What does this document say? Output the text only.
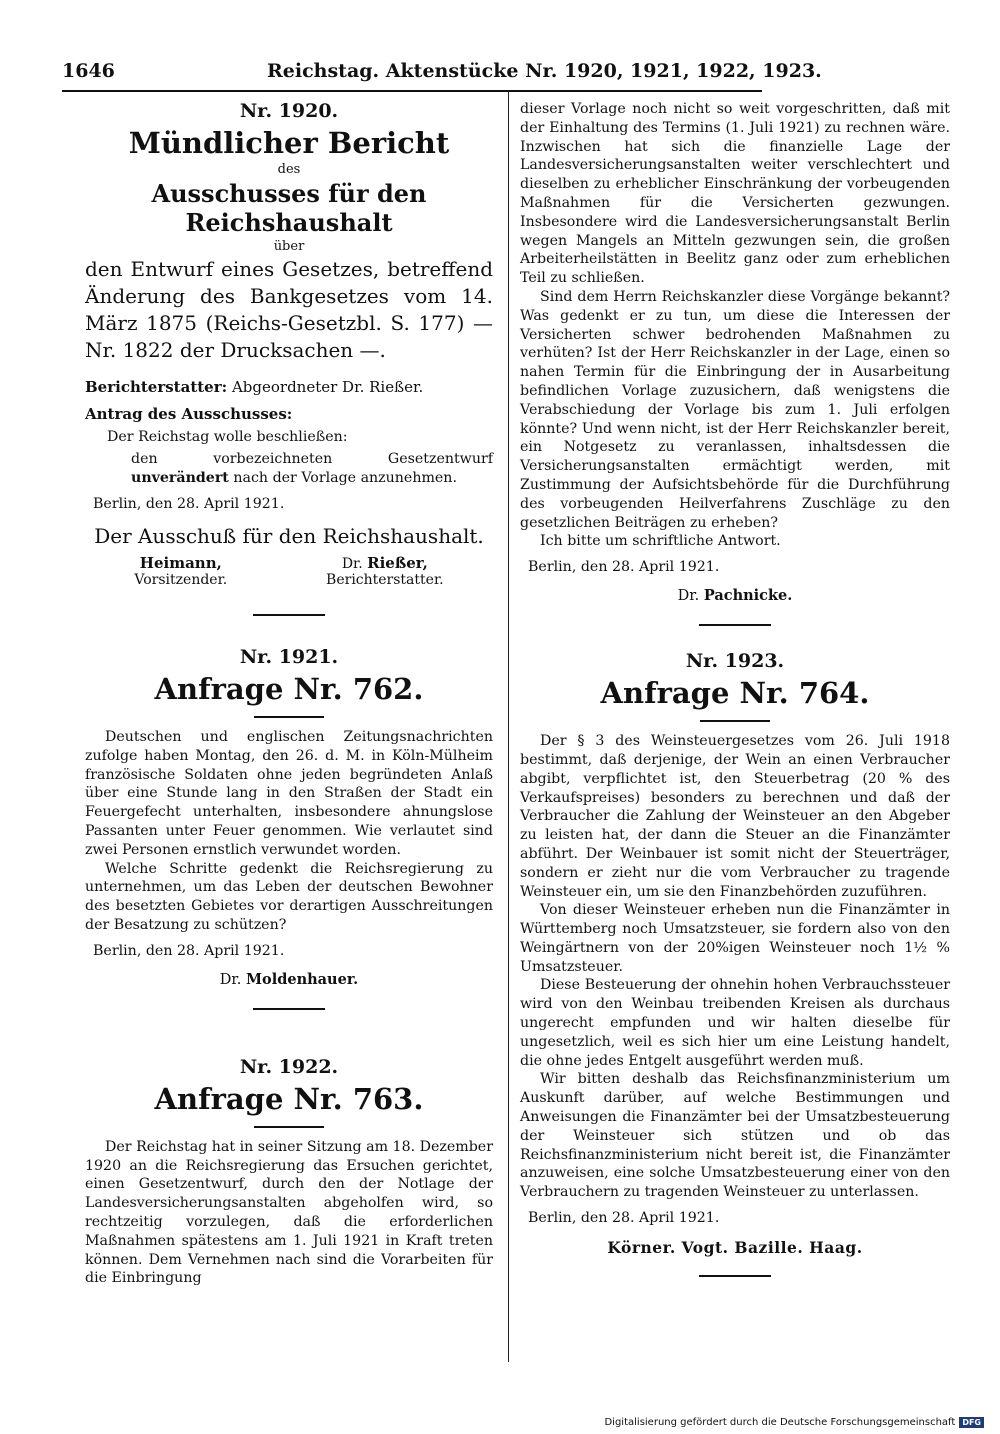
1646	Reichstag. Aktenstücke Nr. 1920, 1921, 1922, 1923.

Nr. 1920.

Mündlicher Bericht

des

Ausschusses für den Reichshaushalt

über

den Entwurf eines Gesetzes, betreffend Änderung des Bankgesetzes vom 14. März 1875 (Reichs-Gesetzbl. S. 177) — Nr. 1822 der Drucksachen —.

Berichterstatter: Abgeordneter Dr. Rießer.

Antrag des Ausschusses:

Der Reichstag wolle beschließen:

den vorbezeichneten Gesetzentwurf unverändert nach der Vorlage anzunehmen.

Berlin, den 28. April 1921.

Der Ausschuß für den Reichshaushalt.

Heimann,
Vorsitzender.
Dr. Rießer,
Berichterstatter.

Nr. 1921.

Anfrage Nr. 762.

Deutschen und englischen Zeitungsnachrichten zufolge haben Montag, den 26. d. M. in Köln-Mülheim französische Soldaten ohne jeden begründeten Anlaß über eine Stunde lang in den Straßen der Stadt ein Feuergefecht unterhalten, insbesondere ahnungslose Passanten unter Feuer genommen. Wie verlautet sind zwei Personen ernstlich verwundet worden.

Welche Schritte gedenkt die Reichsregierung zu unternehmen, um das Leben der deutschen Bewohner des besetzten Gebietes vor derartigen Ausschreitungen der Besatzung zu schützen?

Berlin, den 28. April 1921.

Dr. Moldenhauer.

Nr. 1922.

Anfrage Nr. 763.

Der Reichstag hat in seiner Sitzung am 18. Dezember 1920 an die Reichsregierung das Ersuchen gerichtet, einen Gesetzentwurf, durch den der Notlage der Landesversicherungsanstalten abgeholfen wird, so rechtzeitig vorzulegen, daß die erforderlichen Maßnahmen spätestens am 1. Juli 1921 in Kraft treten können. Dem Vernehmen nach sind die Vorarbeiten für die Einbringung

dieser Vorlage noch nicht so weit vorgeschritten, daß mit der Einhaltung des Termins (1. Juli 1921) zu rechnen wäre. Inzwischen hat sich die finanzielle Lage der Landesversicherungsanstalten weiter verschlechtert und dieselben zu erheblicher Einschränkung der vorbeugenden Maßnahmen für die Versicherten gezwungen. Insbesondere wird die Landesversicherungsanstalt Berlin wegen Mangels an Mitteln gezwungen sein, die großen Arbeiterheilstätten in Beelitz ganz oder zum erheblichen Teil zu schließen.

Sind dem Herrn Reichskanzler diese Vorgänge bekannt? Was gedenkt er zu tun, um diese die Interessen der Versicherten schwer bedrohenden Maßnahmen zu verhüten? Ist der Herr Reichskanzler in der Lage, einen so nahen Termin für die Einbringung der in Ausarbeitung befindlichen Vorlage zuzusichern, daß wenigstens die Verabschiedung der Vorlage bis zum 1. Juli erfolgen könnte? Und wenn nicht, ist der Herr Reichskanzler bereit, ein Notgesetz zu veranlassen, inhaltsdessen die Versicherungsanstalten ermächtigt werden, mit Zustimmung der Aufsichtsbehörde für die Durchführung des vorbeugenden Heilverfahrens Zuschläge zu den gesetzlichen Beiträgen zu erheben?

Ich bitte um schriftliche Antwort.

Berlin, den 28. April 1921.

Dr. Pachnicke.

Nr. 1923.

Anfrage Nr. 764.

Der § 3 des Weinsteuergesetzes vom 26. Juli 1918 bestimmt, daß derjenige, der Wein an einen Verbraucher abgibt, verpflichtet ist, den Steuerbetrag (20 % des Verkaufspreises) besonders zu berechnen und daß der Verbraucher die Zahlung der Weinsteuer an den Abgeber zu leisten hat, der dann die Steuer an die Finanzämter abführt. Der Weinbauer ist somit nicht der Steuerträger, sondern er zieht nur die vom Verbraucher zu tragende Weinsteuer ein, um sie den Finanzbehörden zuzuführen.

Von dieser Weinsteuer erheben nun die Finanzämter in Württemberg noch Umsatzsteuer, sie fordern also von den Weingärtnern von der 20%igen Weinsteuer noch 1½ % Umsatzsteuer.

Diese Besteuerung der ohnehin hohen Verbrauchssteuer wird von den Weinbau treibenden Kreisen als durchaus ungerecht empfunden und wir halten dieselbe für ungesetzlich, weil es sich hier um eine Leistung handelt, die ohne jedes Entgelt ausgeführt werden muß.

Wir bitten deshalb das Reichsfinanzministerium um Auskunft darüber, auf welche Bestimmungen und Anweisungen die Finanzämter bei der Umsatzbesteuerung der Weinsteuer sich stützen und ob das Reichsfinanzministerium nicht bereit ist, die Finanzämter anzuweisen, eine solche Umsatzbesteuerung einer von den Verbrauchern zu tragenden Weinsteuer zu unterlassen.

Berlin, den 28. April 1921.

Körner. Vogt. Bazille. Haag.

Digitalisierung gefördert durch die Deutsche Forschungsgemeinschaft DFG
